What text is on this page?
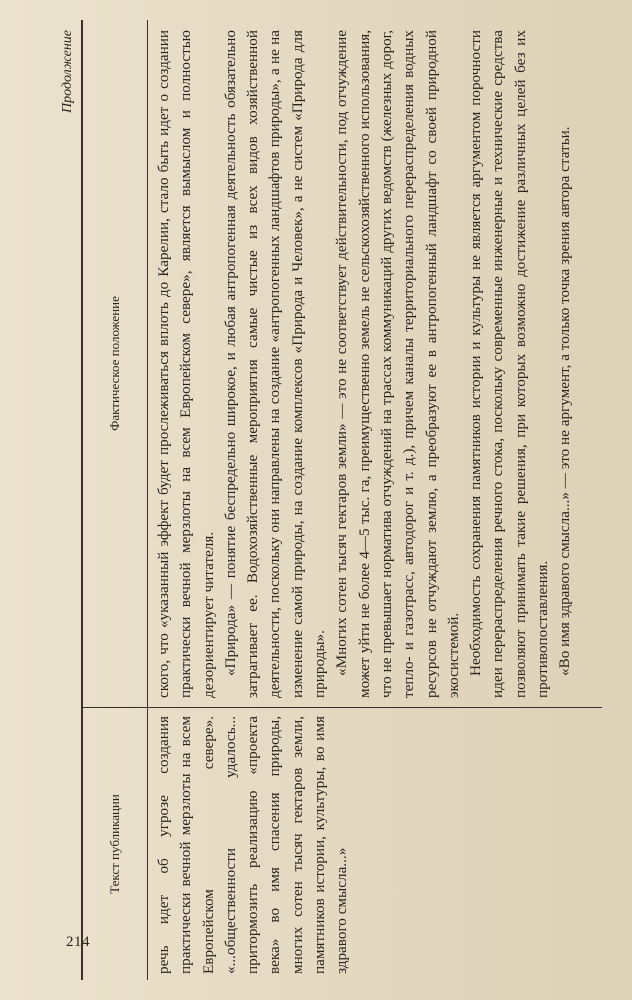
214
Продолжение
Текст публикации
Фактическое положение

речь идет об угрозе создания практически вечной мерзлоты на всем Европейском севере». «...общественности удалось... притормозить реализацию «проекта века» во имя спасения природы, многих сотен тысяч гектаров земли, памятников истории, культуры, во имя здравого смысла...»

ского, что «указанный эффект будет прослеживаться вплоть до Карелии, стало быть идет о создании практически вечной мерзлоты на всем Европейском севере», является вымыслом и полностью дезориентирует читателя. «Природа» — понятие беспредельно широкое, и любая антропогенная деятельность обязательно затрагивает ее. Водохозяйственные мероприятия самые чистые из всех видов хозяйственной деятельности, поскольку они направлены на создание «антропогенных ландшафтов природы», а не на изменение самой природы, на создание комплексов «Природа и Человек», а не систем «Природа для природы». «Многих сотен тысяч гектаров земли» — это не соответствует действительности, под отчуждение может уйти не более 4—5 тыс. га, преимущественно земель не сельскохозяйственного использования, что не превышает норматива отчуждений на трассах коммуникаций других ведомств (железных дорог, тепло- и газотрасс, автодорог и т. д.), причем каналы территориального перераспределения водных ресурсов не отчуждают землю, а преобразуют ее в антропогенный ландшафт со своей природной экосистемой. Необходимость сохранения памятников истории и культуры не является аргументом порочности идеи перераспределения речного стока, поскольку современные инженерные и технические средства позволяют принимать такие решения, при которых возможно достижение различных целей без их противопоставления. «Во имя здравого смысла...» — это не аргумент, а только точка зрения автора статьи.
